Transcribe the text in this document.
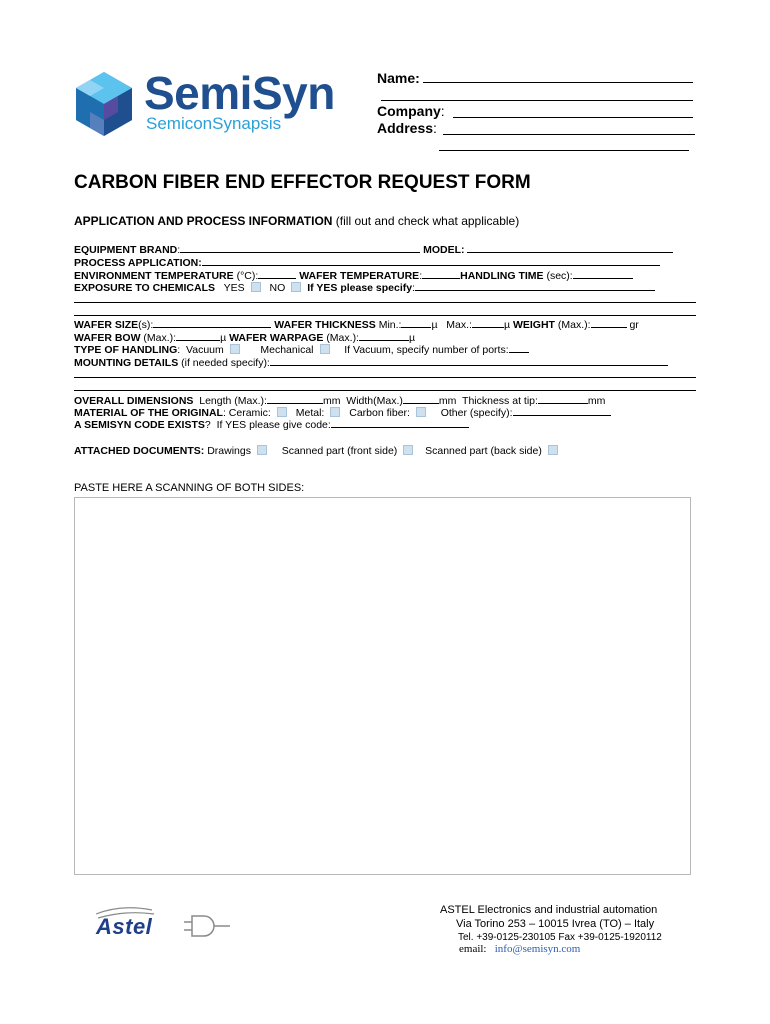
SemiSyn
SemiconSynapsis
Name:
Company:
Address:
CARBON FIBER END EFFECTOR REQUEST FORM
APPLICATION AND PROCESS INFORMATION (fill out and check what applicable)
EQUIPMENT BRAND:	MODEL:
PROCESS APPLICATION:
ENVIRONMENT TEMPERATURE (°C):	WAFER TEMPERATURE:	HANDLING TIME (sec):
EXPOSURE TO CHEMICALS YES NO If YES please specify:
WAFER SIZE(s):	WAFER THICKNESS Min.:	µ Max.:	µ WEIGHT (Max.):	gr
WAFER BOW (Max.):	µ WAFER WARPAGE (Max.):	µ
TYPE OF HANDLING:  Vacuum	Mechanical	If Vacuum, specify number of ports:
MOUNTING DETAILS (if needed specify):
OVERALL DIMENSIONS Length (Max.):	mm Width(Max.)	mm Thickness at tip:	mm
MATERIAL OF THE ORIGINAL: Ceramic: Metal: Carbon fiber:	Other (specify):
A SEMISYN CODE EXISTS?  If YES please give code:
ATTACHED DOCUMENTS: Drawings	Scanned part (front side)	Scanned part (back side)
PASTE HERE A SCANNING OF BOTH SIDES:
Astel
ASTEL Electronics and industrial automation
Via Torino 253 – 10015 Ivrea (TO) – Italy
Tel. +39-0125-230105 Fax +39-0125-1920112
email: info@semisyn.com
